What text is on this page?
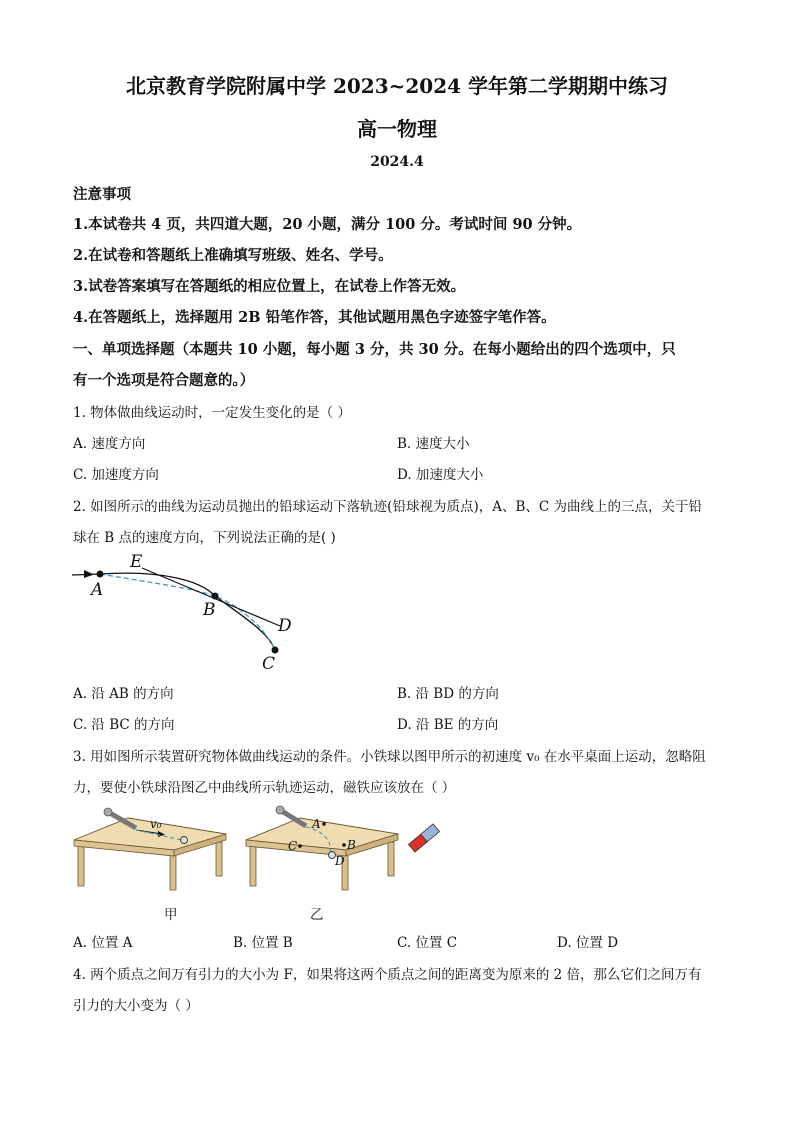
北京教育学院附属中学 2023~2024 学年第二学期期中练习
高一物理
2024.4
注意事项
1.本试卷共 4 页，共四道大题，20 小题，满分 100 分。考试时间 90 分钟。
2.在试卷和答题纸上准确填写班级、姓名、学号。
3.试卷答案填写在答题纸的相应位置上，在试卷上作答无效。
4.在答题纸上，选择题用 2B 铅笔作答，其他试题用黑色字迹签字笔作答。
一、单项选择题（本题共 10 小题，每小题 3 分，共 30 分。在每小题给出的四个选项中，只
有一个选项是符合题意的。）
1. 物体做曲线运动时，一定发生变化的是（ ）
A. 速度方向	B. 速度大小
C. 加速度方向	D. 加速度大小
2. 如图所示的曲线为运动员抛出的铅球运动下落轨迹(铅球视为质点)，A、B、C 为曲线上的三点，关于铅
球在 B 点的速度方向，下列说法正确的是( )
A
B
C
D
E
A. 沿 AB 的方向	B. 沿 BD 的方向
C. 沿 BC 的方向	D. 沿 BE 的方向
3. 用如图所示装置研究物体做曲线运动的条件。小铁球以图甲所示的初速度 v₀ 在水平桌面上运动，忽略阻
力，要使小铁球沿图乙中曲线所示轨迹运动，磁铁应该放在（ ）
v₀	A
B
C
D
甲	乙
A. 位置 A	B. 位置 B	C. 位置 C	D. 位置 D
4. 两个质点之间万有引力的大小为 F，如果将这两个质点之间的距离变为原来的 2 倍，那么它们之间万有
引力的大小变为（ ）
